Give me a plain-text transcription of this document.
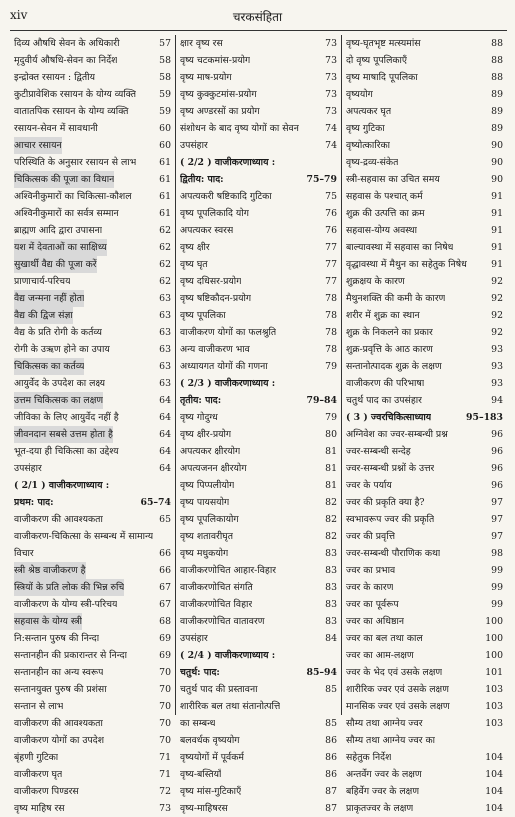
xiv	चरकसंहिता
दिव्य औषधि सेवन के अधिकारी	57
मृदुवीर्य औषधि-सेवन का निर्देश	58
इन्द्रोक्त रसायन : द्वितीय	58
कुटीप्रावेशिक रसायन के योग्य व्यक्ति	59
वातातपिक रसायन के योग्य व्यक्ति	59
रसायन-सेवन में सावधानी	60
आचार रसायन	60
परिस्थिति के अनुसार रसायन से लाभ	61
चिकित्सक की पूजा का विधान	61
अश्विनीकुमारों का चिकित्सा-कौशल	61
अश्विनीकुमारों का सर्वत्र सम्मान	61
ब्राह्मण आदि द्वारा उपासना	62
यश में देवताओं का साक्षिध्य	62
सुखार्थी वैद्य की पूजा करें	62
प्राणाचार्य-परिचय	62
वैद्य जन्मना नहीं होता	63
वैद्य की द्विज संज्ञा	63
वैद्य के प्रति रोगी के कर्तव्य	63
रोगी के उऋण होने का उपाय	63
चिकित्सक का कर्तव्य	63
आयुर्वेद के उपदेश का लक्ष्य	63
उत्तम चिकित्सक का लक्षण	64
जीविका के लिए आयुर्वेद नहीं है	64
जीवनदान सबसे उत्तम होता है	64
भूत-दया ही चिकित्सा का उद्देश्य	64
उपसंहार	64
( 2/1 ) वाजीकरणाध्याय :
प्रथम: पाद:	65–74
वाजीकरण की आवश्यकता	65
वाजीकरण-चिकित्सा के सम्बन्ध में सामान्य
विचार	66
स्त्री श्रेष्ठ वाजीकरण है	66
स्त्रियों के प्रति लोक की भिन्न रुचि	67
वाजीकरण के योग्य स्त्री-परिचय	67
सहवास के योग्य स्त्री	68
नि:सन्तान पुरुष की निन्दा	69
सन्तानहीन की प्रकारान्तर से निन्दा	69
सन्तानहीन का अन्य स्वरूप	70
सन्तानयुक्त पुरुष की प्रशंसा	70
सन्तान से लाभ	70
वाजीकरण की आवश्यकता	70
वाजीकरण योगों का उपदेश	70
बृंहणी गुटिका	71
वाजीकरण घृत	71
वाजीकरण पिण्डरस	72
वृष्य माहिष रस	73
क्षार वृष्य रस	73
वृष्य चटकमांस-प्रयोग	73
वृष्य माष-प्रयोग	73
वृष्य कुक्कुटमांस-प्रयोग	73
वृष्य अण्डरसों का प्रयोग	73
संशोधन के बाद वृष्य योगों का सेवन	74
उपसंहार	74
( 2/2 ) वाजीकरणाध्याय :
द्वितीय: पाद:	75–79
अपत्यकरी षष्टिकादि गुटिका	75
वृष्य पूपलिकादि योग	76
अपत्यकर स्वरस	76
वृष्य क्षीर	77
वृष्य घृत	77
वृष्य दधिसर-प्रयोग	77
वृष्य षष्टिकौदन-प्रयोग	78
वृष्य पूपलिका	78
वाजीकरण योगों का फलश्रुति	78
अन्य वाजीकरण भाव	78
अध्यायगत योगों की गणना	79
( 2/3 ) वाजीकरणाध्याय :
तृतीय: पाद:	79–84
वृष्य गोदुग्ध	79
वृष्य क्षीर-प्रयोग	80
अपत्यकर क्षीरयोग	81
अपत्यजनन क्षीरयोग	81
वृष्य पिप्पलीयोग	81
वृष्य पायसयोग	82
वृष्य पूपलिकायोग	82
वृष्य शतावरीघृत	82
वृष्य मधुकयोग	83
वाजीकरणोचित आहार-विहार	83
वाजीकरणोचित संगति	83
वाजीकरणोचित विहार	83
वाजीकरणोचित वातावरण	83
उपसंहार	84
( 2/4 ) वाजीकरणाध्याय :
चतुर्थ: पाद:	85–94
चतुर्थ पाद की प्रस्तावना	85
शारीरिक बल तथा संतानोत्पत्ति
का सम्बन्ध	85
बलवर्धक वृष्ययोग	86
वृष्ययोगों में पूर्वकर्म	86
वृष्य-बस्तियाँ	86
वृष्य मांस-गुटिकाएँ	87
वृष्य-माहिषरस	87
वृष्य-घृतभृष्ट मत्स्यमांस	88
दो वृष्य पूपलिकाएँ	88
वृष्य माषादि पूपलिका	88
वृष्ययोग	89
अपत्यकर घृत	89
वृष्य गुटिका	89
वृष्योत्कारिका	90
वृष्य-द्रव्य-संकेत	90
स्त्री-सहवास का उचित समय	90
सहवास के पश्चात् कर्म	91
शुक्र की उत्पत्ति का क्रम	91
सहवास-योग्य अवस्था	91
बाल्यावस्था में सहवास का निषेध	91
वृद्धावस्था में मैथुन का सहेतुक निषेध	91
शुक्रक्षय के कारण	92
मैथुनशक्ति की कमी के कारण	92
शरीर में शुक्र का स्थान	92
शुक्र के निकलने का प्रकार	92
शुक्र-प्रवृत्ति के आठ कारण	93
सन्तानोत्पादक शुक्र के लक्षण	93
वाजीकरण की परिभाषा	93
चतुर्थ पाद का उपसंहार	94
( 3 ) ज्वरचिकित्साध्याय	95–183
अग्निवेश का ज्वर-सम्बन्धी प्रश्न	96
ज्वर-सम्बन्धी सन्देह	96
ज्वर-सम्बन्धी प्रश्नों के उत्तर	96
ज्वर के पर्याय	96
ज्वर की प्रकृति क्या है?	97
स्वभावरूप ज्वर की प्रकृति	97
ज्वर की प्रवृत्ति	97
ज्वर-सम्बन्धी पौराणिक कथा	98
ज्वर का प्रभाव	99
ज्वर के कारण	99
ज्वर का पूर्वरूप	99
ज्वर का अधिष्ठान	100
ज्वर का बल तथा काल	100
ज्वर का आम-लक्षण	100
ज्वर के भेद एवं उसके लक्षण	101
शारीरिक ज्वर एवं उसके लक्षण	103
मानसिक ज्वर एवं उसके लक्षण	103
सौम्य तथा आग्नेय ज्वर	103
सौम्य तथा आग्नेय ज्वर का
सहेतुक निर्देश	104
अन्तर्वेग ज्वर के लक्षण	104
बहिर्वेग ज्वर के लक्षण	104
प्राकृतज्वर के लक्षण	104
